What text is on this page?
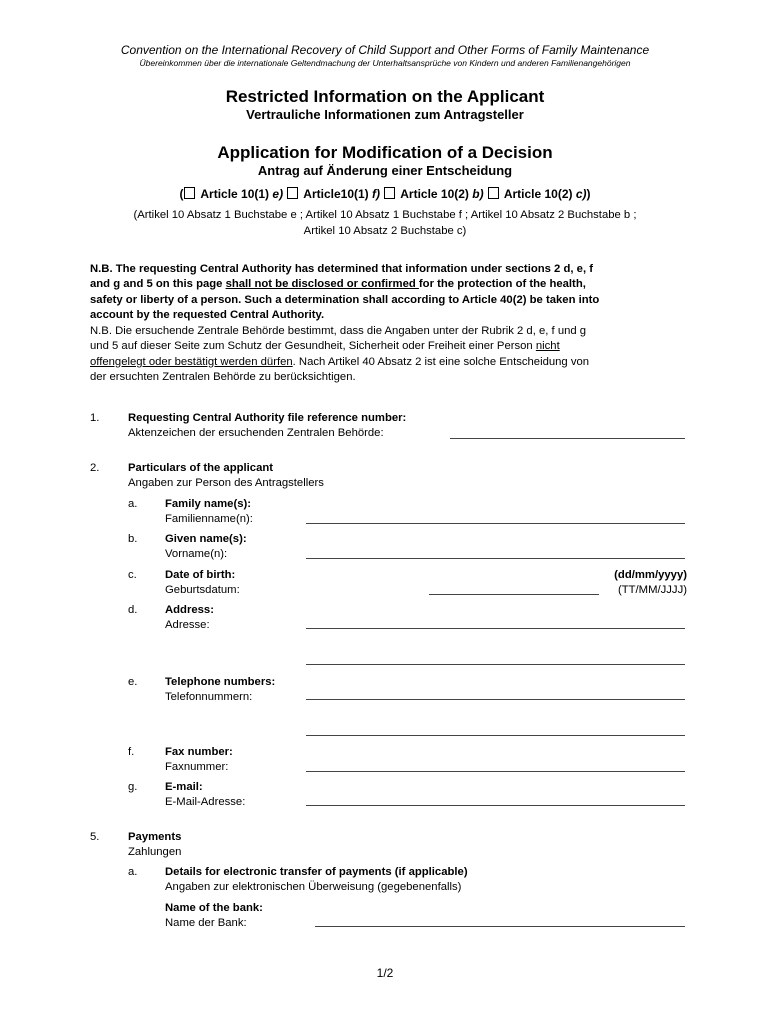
Convention on the International Recovery of Child Support and Other Forms of Family Maintenance
Übereinkommen über die internationale Geltendmachung der Unterhaltsansprüche von Kindern und anderen Familienangehörigen
Restricted Information on the Applicant
Vertrauliche Informationen zum Antragsteller
Application for Modification of a Decision
Antrag auf Änderung einer Entscheidung
( Article 10(1) e) Article10(1) f) Article 10(2) b) Article 10(2) c))
(Artikel 10 Absatz 1 Buchstabe e ; Artikel 10 Absatz 1 Buchstabe f ; Artikel 10 Absatz 2 Buchstabe b ;
Artikel 10 Absatz 2 Buchstabe c)
N.B. The requesting Central Authority has determined that information under sections 2 d, e, f
and g and 5 on this page shall not be disclosed or confirmed for the protection of the health,
safety or liberty of a person. Such a determination shall according to Article 40(2) be taken into
account by the requested Central Authority.
N.B. Die ersuchende Zentrale Behörde bestimmt, dass die Angaben unter der Rubrik 2 d, e, f und g
und 5 auf dieser Seite zum Schutz der Gesundheit, Sicherheit oder Freiheit einer Person nicht
offengelegt oder bestätigt werden dürfen. Nach Artikel 40 Absatz 2 ist eine solche Entscheidung von
der ersuchten Zentralen Behörde zu berücksichtigen.
1.	Requesting Central Authority file reference number:
Aktenzeichen der ersuchenden Zentralen Behörde:
2.	Particulars of the applicant
Angaben zur Person des Antragstellers
a. Family name(s):
Familienname(n):
b. Given name(s):
Vorname(n):
c. Date of birth:
Geburtsdatum:
(dd/mm/yyyy)
(TT/MM/JJJJ)
d. Address:
Adresse:
e. Telephone numbers:
Telefonnummern:
f.	Fax number:
Faxnummer:
g. E-mail:
E-Mail-Adresse:
5.	Payments
Zahlungen
a. Details for electronic transfer of payments (if applicable)
Angaben zur elektronischen Überweisung (gegebenenfalls)
Name of the bank:
Name der Bank:
1/2
